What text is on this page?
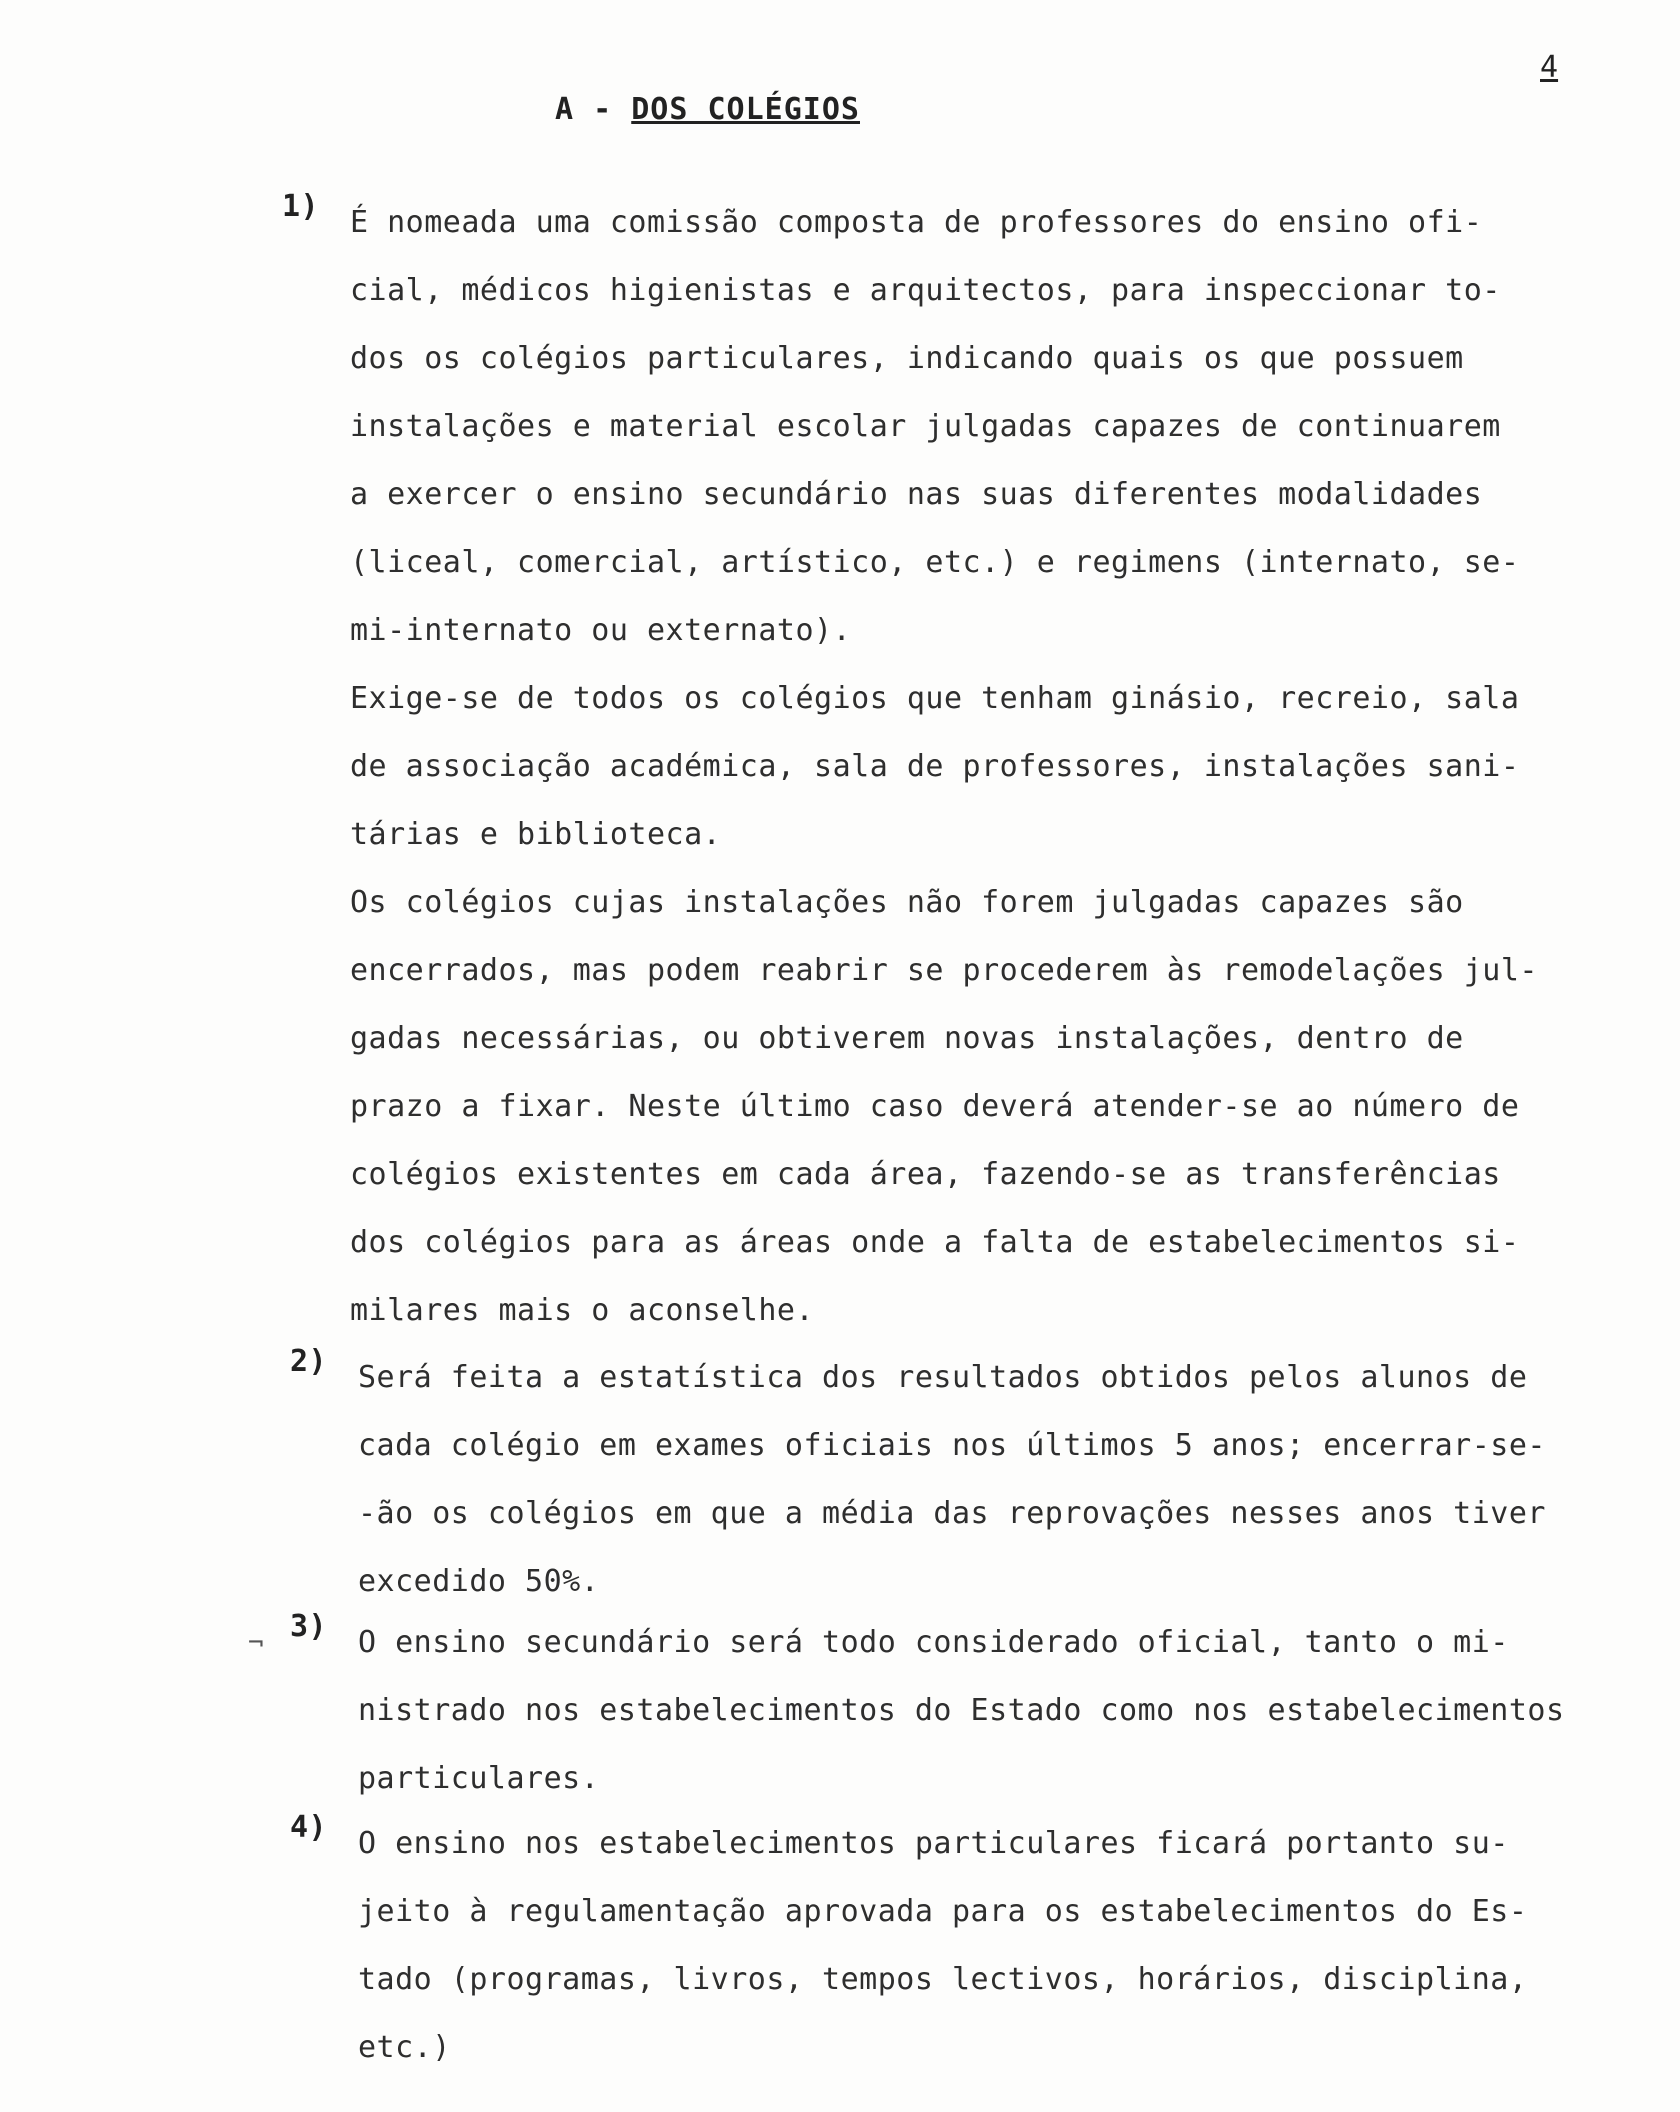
4
A - DOS COLÉGIOS
1)	É nomeada uma comissão composta de professores do ensino ofi-
cial, médicos higienistas e arquitectos, para inspeccionar to-
dos os colégios particulares, indicando quais os que possuem
instalações e material escolar julgadas capazes de continuarem
a exercer o ensino secundário nas suas diferentes modalidades
(liceal, comercial, artístico, etc.) e regimens (internato, se-
mi-internato ou externato).
Exige-se de todos os colégios que tenham ginásio, recreio, sala
de associação académica, sala de professores, instalações sani-
tárias e biblioteca.
Os colégios cujas instalações não forem julgadas capazes são
encerrados, mas podem reabrir se procederem às remodelações jul-
gadas necessárias, ou obtiverem novas instalações, dentro de
prazo a fixar. Neste último caso deverá atender-se ao número de
colégios existentes em cada área, fazendo-se as transferências
dos colégios para as áreas onde a falta de estabelecimentos si-
milares mais o aconselhe.
2)	Será feita a estatística dos resultados obtidos pelos alunos de
cada colégio em exames oficiais nos últimos 5 anos; encerrar-se-
-ão os colégios em que a média das reprovações nesses anos tiver
excedido 50%.
¬ 3)	O ensino secundário será todo considerado oficial, tanto o mi-
nistrado nos estabelecimentos do Estado como nos estabelecimentos
particulares.
4)	O ensino nos estabelecimentos particulares ficará portanto su-
jeito à regulamentação aprovada para os estabelecimentos do Es-
tado (programas, livros, tempos lectivos, horários, disciplina,
etc.)
